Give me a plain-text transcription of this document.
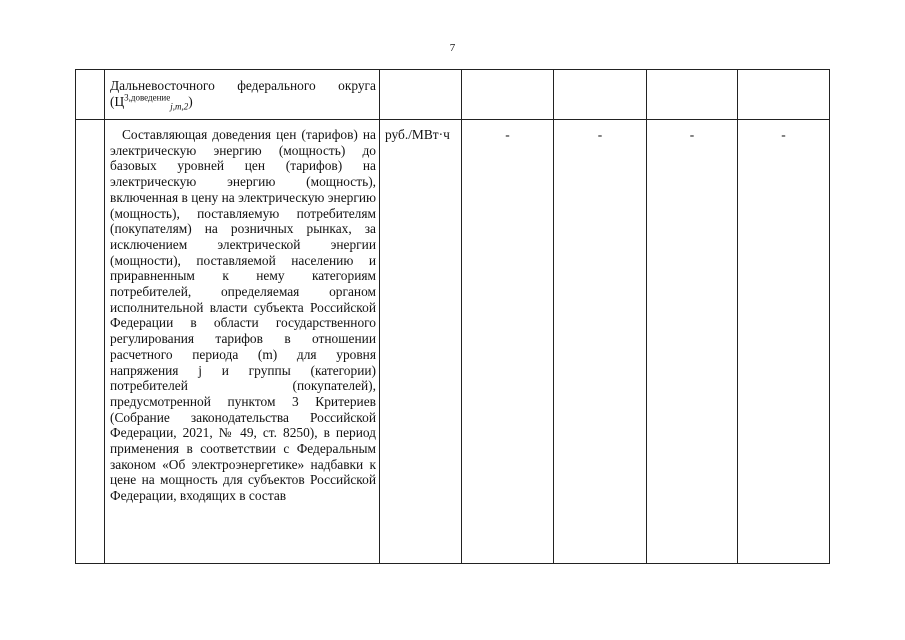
7

	Дальневосточного федерального округа $(Ц^{3,доведение}_{j,m,2})$					

	Составляющая доведения цен (тарифов) на электрическую энергию (мощность) до базовых уровней цен (тарифов) на электрическую энергию (мощность), включенная в цену на электрическую энергию (мощность), поставляемую потребителям (покупателям) на розничных рынках, за исключением электрической энергии (мощности), поставляемой населению и приравненным к нему категориям потребителей, определяемая органом исполнительной власти субъекта Российской Федерации в области государственного регулирования тарифов в отношении расчетного периода (m) для уровня напряжения j и группы (категории) потребителей (покупателей), предусмотренной пунктом 3 Критериев (Собрание законодательства Российской Федерации, 2021, № 49, ст. 8250), в период применения в соответствии с Федеральным законом «Об электроэнергетике» надбавки к цене на мощность для субъектов Российской Федерации, входящих в состав	руб./МВт·ч	-	-	-	-
